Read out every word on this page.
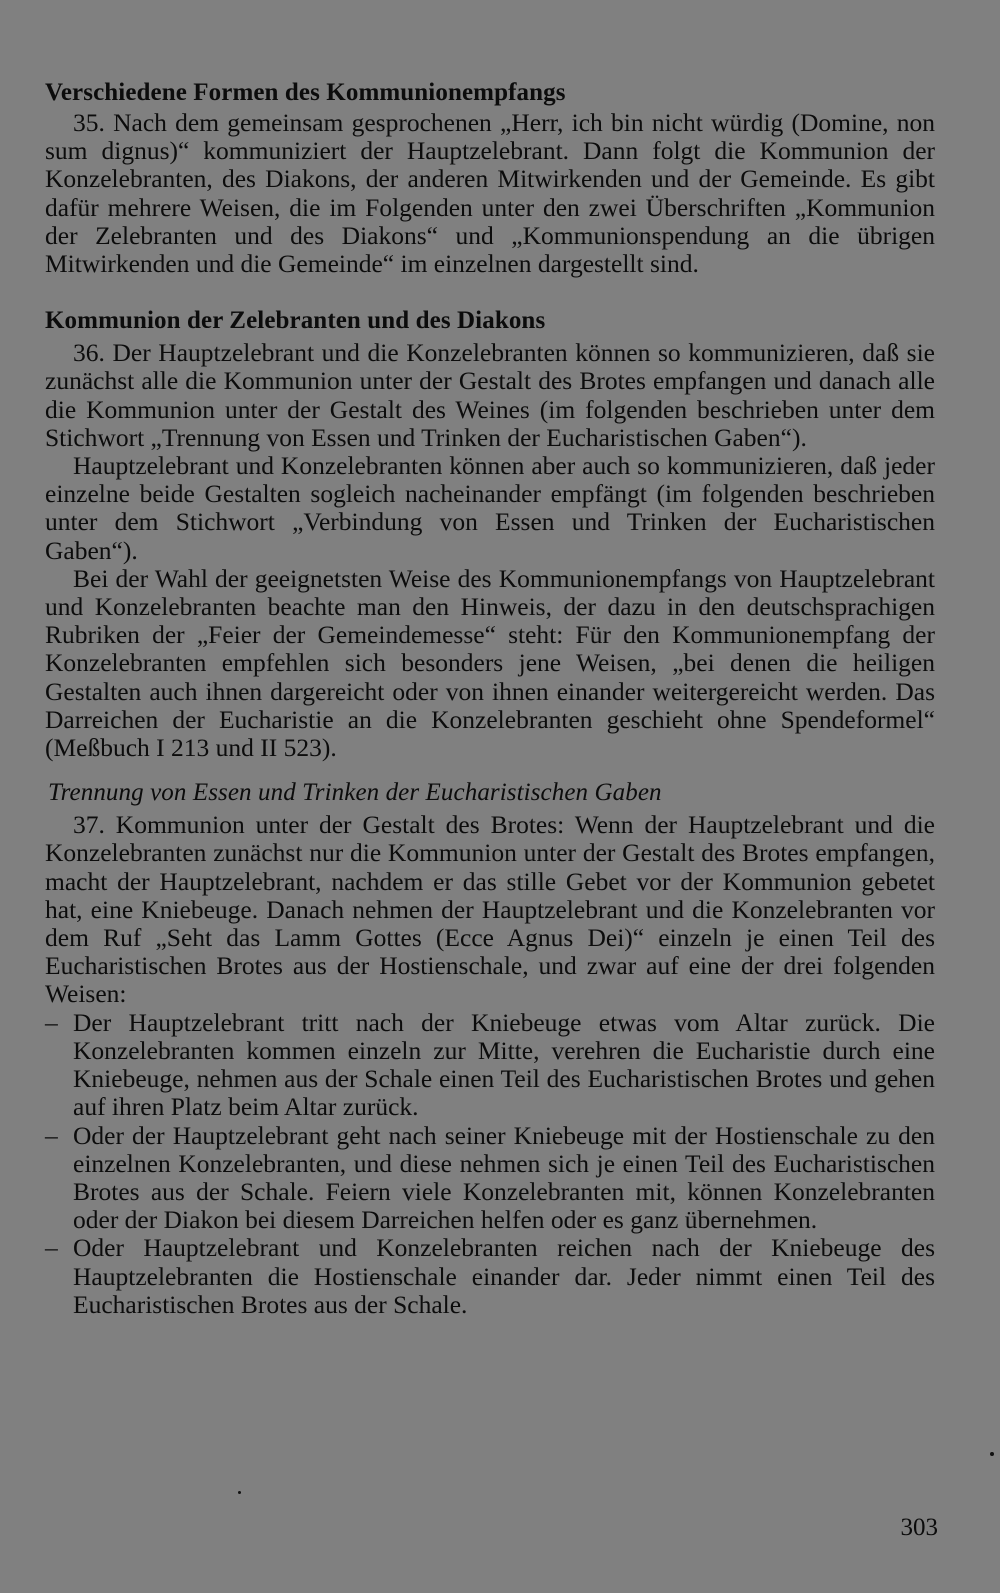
Verschiedene Formen des Kommunionempfangs

35. Nach dem gemeinsam gesprochenen „Herr, ich bin nicht würdig (Domine, non sum dignus)“ kommuniziert der Hauptzelebrant. Dann folgt die Kommunion der Konzelebranten, des Diakons, der anderen Mitwirkenden und der Gemeinde. Es gibt dafür mehrere Weisen, die im Folgenden unter den zwei Überschriften „Kommunion der Zelebranten und des Diakons“ und „Kommunionspendung an die übrigen Mitwirkenden und die Gemeinde“ im einzelnen dargestellt sind.

Kommunion der Zelebranten und des Diakons

36. Der Hauptzelebrant und die Konzelebranten können so kommunizieren, daß sie zunächst alle die Kommunion unter der Gestalt des Brotes empfangen und danach alle die Kommunion unter der Gestalt des Weines (im folgenden beschrieben unter dem Stichwort „Trennung von Essen und Trinken der Eucharistischen Gaben“).

Hauptzelebrant und Konzelebranten können aber auch so kommunizieren, daß jeder einzelne beide Gestalten sogleich nacheinander empfängt (im folgenden beschrieben unter dem Stichwort „Verbindung von Essen und Trinken der Eucharistischen Gaben“).

Bei der Wahl der geeignetsten Weise des Kommunionempfangs von Hauptzelebrant und Konzelebranten beachte man den Hinweis, der dazu in den deutschsprachigen Rubriken der „Feier der Gemeindemesse“ steht: Für den Kommunionempfang der Konzelebranten empfehlen sich besonders jene Weisen, „bei denen die heiligen Gestalten auch ihnen dargereicht oder von ihnen einander weitergereicht werden. Das Darreichen der Eucharistie an die Konzelebranten geschieht ohne Spendeformel“ (Meßbuch I 213 und II 523).

Trennung von Essen und Trinken der Eucharistischen Gaben

37. Kommunion unter der Gestalt des Brotes: Wenn der Hauptzelebrant und die Konzelebranten zunächst nur die Kommunion unter der Gestalt des Brotes empfangen, macht der Hauptzelebrant, nachdem er das stille Gebet vor der Kommunion gebetet hat, eine Kniebeuge. Danach nehmen der Hauptzelebrant und die Konzelebranten vor dem Ruf „Seht das Lamm Gottes (Ecce Agnus Dei)“ einzeln je einen Teil des Eucharistischen Brotes aus der Hostienschale, und zwar auf eine der drei folgenden Weisen:

– Der Hauptzelebrant tritt nach der Kniebeuge etwas vom Altar zurück. Die Konzelebranten kommen einzeln zur Mitte, verehren die Eucharistie durch eine Kniebeuge, nehmen aus der Schale einen Teil des Eucharistischen Brotes und gehen auf ihren Platz beim Altar zurück.
– Oder der Hauptzelebrant geht nach seiner Kniebeuge mit der Hostienschale zu den einzelnen Konzelebranten, und diese nehmen sich je einen Teil des Eucharistischen Brotes aus der Schale. Feiern viele Konzelebranten mit, können Konzelebranten oder der Diakon bei diesem Darreichen helfen oder es ganz übernehmen.
– Oder Hauptzelebrant und Konzelebranten reichen nach der Kniebeuge des Hauptzelebranten die Hostienschale einander dar. Jeder nimmt einen Teil des Eucharistischen Brotes aus der Schale.
303
